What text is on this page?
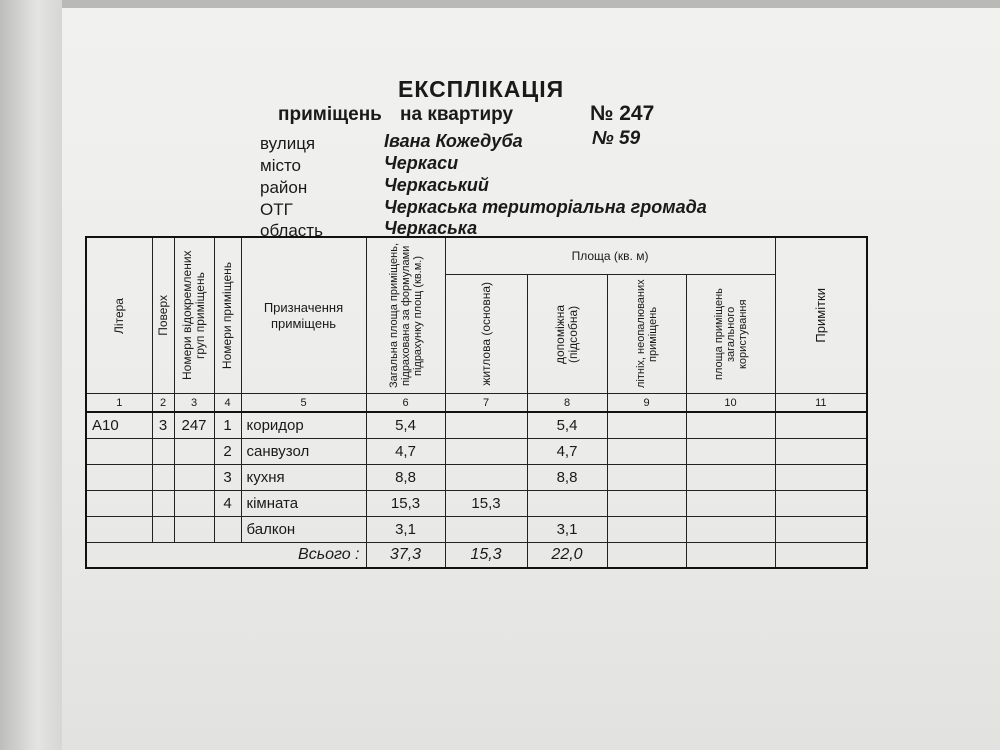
ЕКСПЛІКАЦІЯ
приміщень на квартиру	№ 247
№ 59
вулиця	Івана Кожедуба
місто	Черкаси
район	Черкаський
ОТГ	Черкаська територіальна громада
область	Черкаська
Літера	Поверх	Номери відокремлених груп приміщень	Номери приміщень	Призначення приміщень	Загальна площа приміщень, підрахована за формулами підрахунку площ (кв.м.)	Площа (кв. м)				Примітки

						житлова (основна)	допоміжна (підсобна)	літніх, неопалюваних приміщень	площа приміщень загального користування	

1	2	3	4	5	6	7	8	9	10	11
А10	3	247	1	коридор	5,4		5,4			
			2	санвузол	4,7		4,7			
			3	кухня	8,8		8,8			
			4	кімната	15,3	15,3				
				балкон	3,1		3,1			
Всього :					37,3	15,3	22,0			
